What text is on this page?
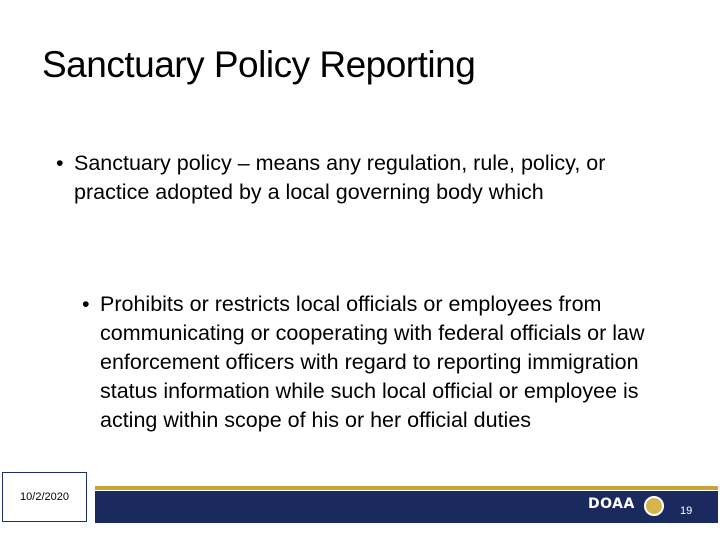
Sanctuary Policy Reporting
• Sanctuary policy – means any regulation, rule, policy, or practice adopted by a local governing body which
• Prohibits or restricts local officials or employees from communicating or cooperating with federal officials or law enforcement officers with regard to reporting immigration status information while such local official or employee is acting within scope of his or her official duties
10/2/2020	DOAA	19
